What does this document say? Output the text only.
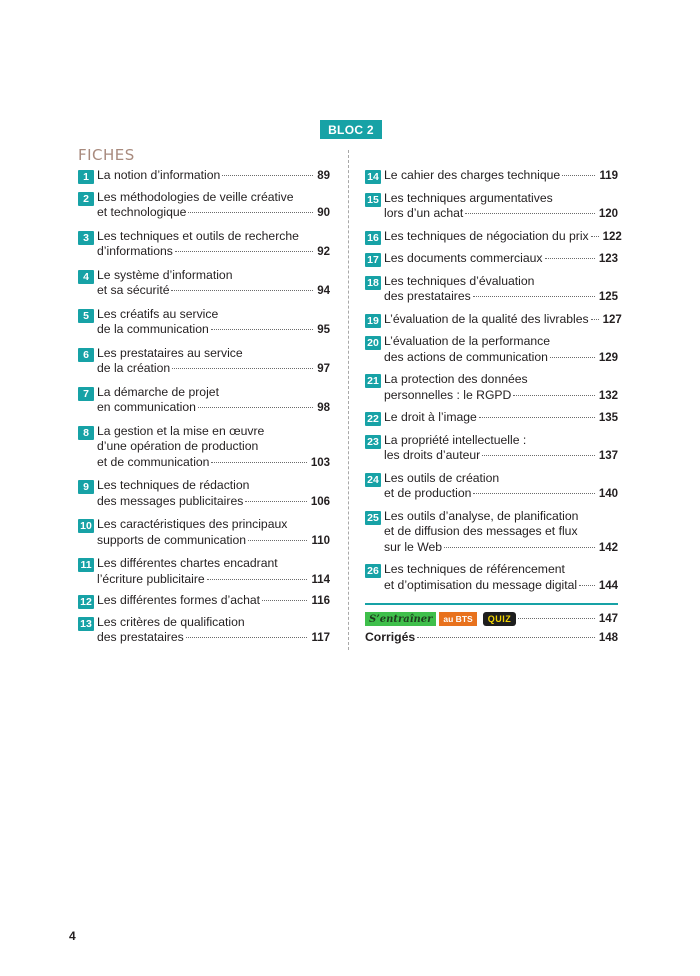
BLOC 2
FICHES
1 La notion d’information	89
2 Les méthodologies de veille créative
et technologique	90
3 Les techniques et outils de recherche
d’informations	92
4 Le système d’information
et sa sécurité	94
5 Les créatifs au service
de la communication	95
6 Les prestataires au service
de la création	97
7 La démarche de projet
en communication	98
8 La gestion et la mise en œuvre
d’une opération de production
et de communication	103
9 Les techniques de rédaction
des messages publicitaires	106
10 Les caractéristiques des principaux
supports de communication	110
11 Les différentes chartes encadrant
l’écriture publicitaire	114
12 Les différentes formes d’achat	116
13 Les critères de qualification
des prestataires	117
14 Le cahier des charges technique	119
15 Les techniques argumentatives
lors d’un achat	120
16 Les techniques de négociation du prix 122
17 Les documents commerciaux	123
18 Les techniques d’évaluation
des prestataires	125
19 L’évaluation de la qualité des livrables 127
20 L’évaluation de la performance
des actions de communication	129
21 La protection des données
personnelles : le RGPD	132
22 Le droit à l’image	135
23 La propriété intellectuelle :
les droits d’auteur	137
24 Les outils de création
et de production	140
25 Les outils d’analyse, de planification
et de diffusion des messages et flux
sur le Web	142
26 Les techniques de référencement
et d’optimisation du message digital 144
S’entraîner	au BTS	QUIZ	147
Corrigés	148
4
